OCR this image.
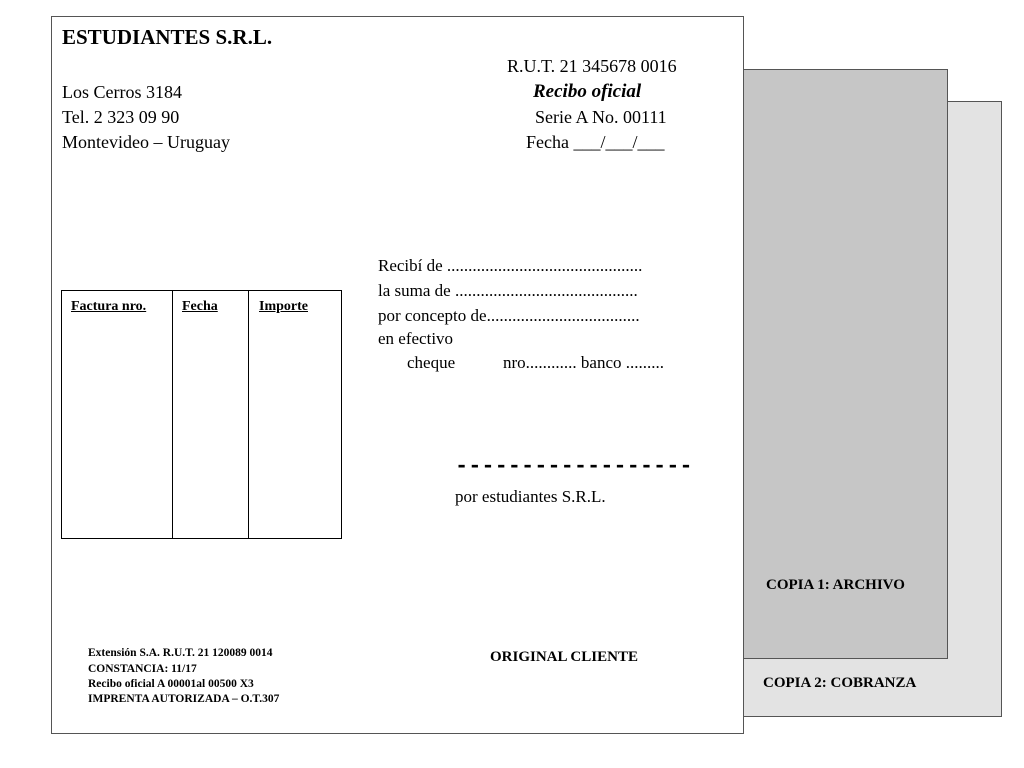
COPIA 2: COBRANZA
COPIA 1: ARCHIVO
ESTUDIANTES S.R.L.
R.U.T. 21 345678 0016
Los Cerros 3184
Tel. 2 323 09 90
Montevideo – Uruguay
Recibo oficial
Serie A No. 00111
Fecha ___/___/___
Recibí de ..............................................
la suma de ...........................................
por concepto de....................................
en efectivo
cheque	nro............ banco .........
Factura nro.	Fecha	Importe
------------------
por estudiantes S.R.L.
Extensión S.A. R.U.T. 21 120089 0014
CONSTANCIA: 11/17
Recibo oficial A 00001al 00500 X3
IMPRENTA AUTORIZADA – O.T.307
ORIGINAL CLIENTE
